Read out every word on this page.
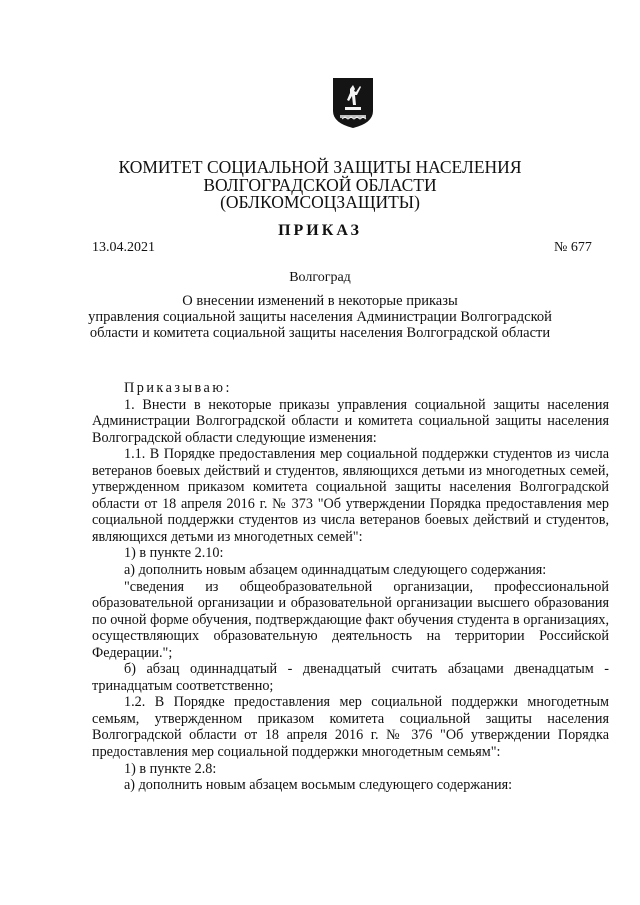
КОМИТЕТ СОЦИАЛЬНОЙ ЗАЩИТЫ НАСЕЛЕНИЯ
ВОЛГОГРАДСКОЙ ОБЛАСТИ
(ОБЛКОМСОЦЗАЩИТЫ)
ПРИКАЗ
13.04.2021	№ 677
Волгоград
О внесении изменений в некоторые приказы
управления социальной защиты населения Администрации Волгоградской
области и комитета социальной защиты населения Волгоградской области

Приказываю:

1. Внести в некоторые приказы управления социальной защиты населения Администрации Волгоградской области и комитета социальной защиты населения Волгоградской области следующие изменения:

1.1. В Порядке предоставления мер социальной поддержки студентов из числа ветеранов боевых действий и студентов, являющихся детьми из многодетных семей, утвержденном приказом комитета социальной защиты населения Волгоградской области от 18 апреля 2016 г. № 373 "Об утверждении Порядка предоставления мер социальной поддержки студентов из числа ветеранов боевых действий и студентов, являющихся детьми из многодетных семей":

1) в пункте 2.10:

а) дополнить новым абзацем одиннадцатым следующего содержания:

"сведения из общеобразовательной организации, профессиональной образовательной организации и образовательной организации высшего образования по очной форме обучения, подтверждающие факт обучения студента в организациях, осуществляющих образовательную деятельность на территории Российской Федерации.";

б) абзац одиннадцатый - двенадцатый считать абзацами двенадцатым - тринадцатым соответственно;

1.2. В Порядке предоставления мер социальной поддержки многодетным семьям, утвержденном приказом комитета социальной защиты населения Волгоградской области от 18 апреля 2016 г. № 376 "Об утверждении Порядка предоставления мер социальной поддержки многодетным семьям":

1) в пункте 2.8:

а) дополнить новым абзацем восьмым следующего содержания:
